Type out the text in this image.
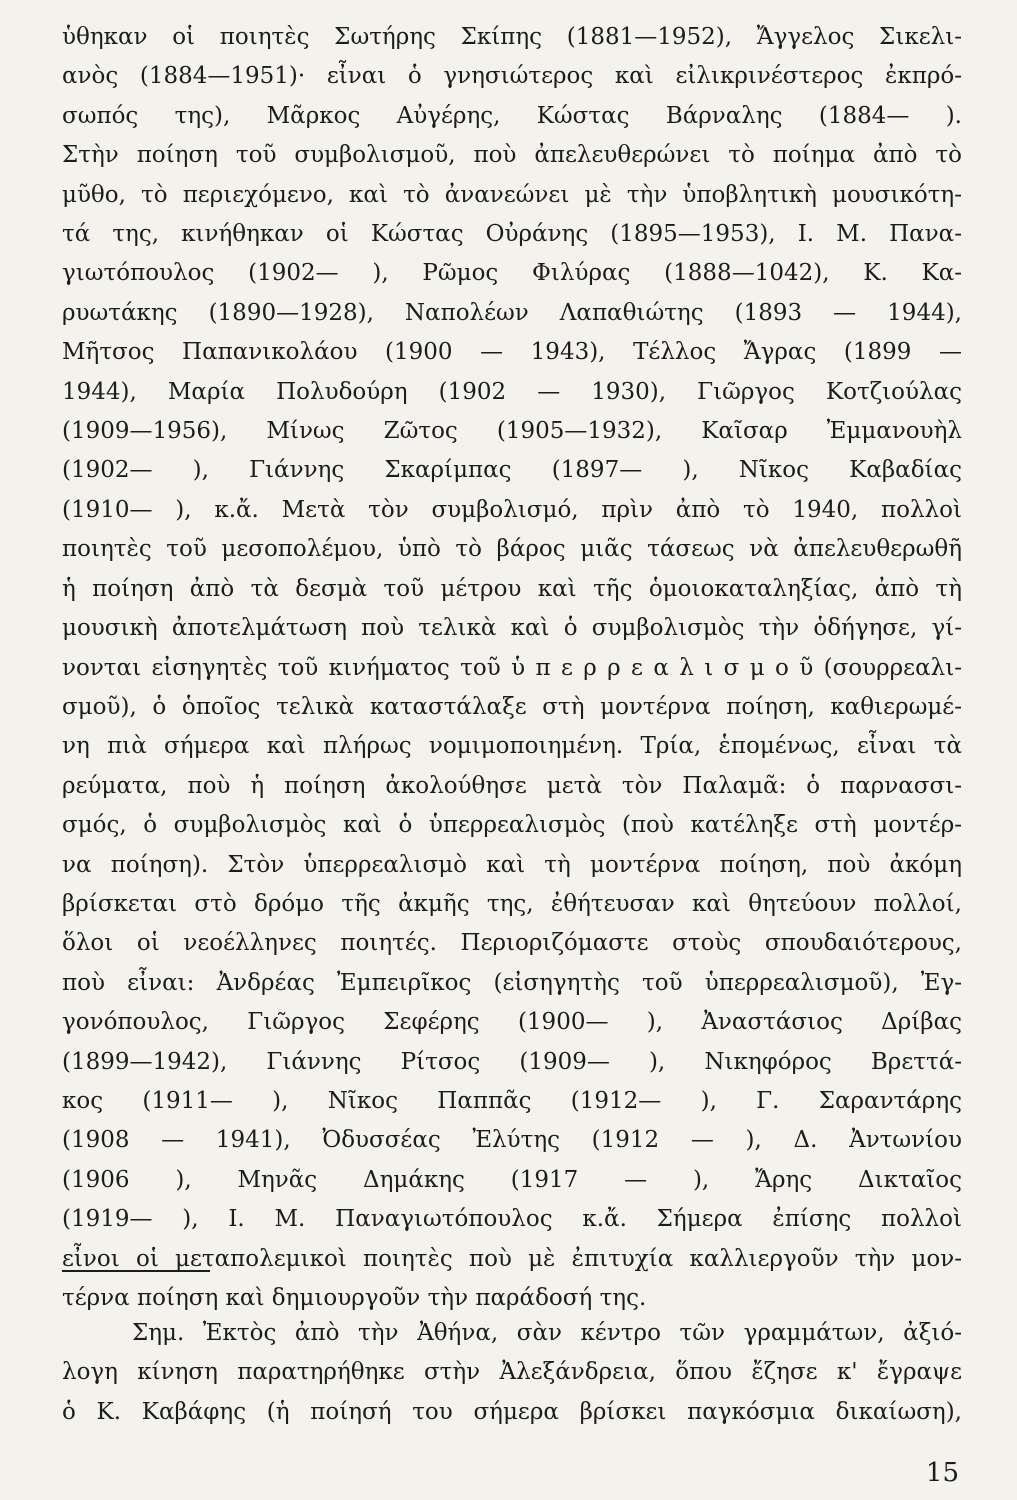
ὑθηκαν οἱ ποιητὲς Σωτήρης Σκίπης (1881—1952), Ἄγγελος Σικελι-
ανὸς (1884—1951)· εἶναι ὁ γνησιώτερος καὶ εἰλικρινέστερος ἐκπρό-
σωπός της), Μᾶρκος Αὐγέρης, Κώστας Βάρναλης (1884— ).
Στὴν ποίηση τοῦ συμβολισμοῦ, ποὺ ἀπελευθερώνει τὸ ποίημα ἀπὸ τὸ
μῦθο, τὸ περιεχόμενο, καὶ τὸ ἀνανεώνει μὲ τὴν ὑποβλητικὴ μουσικότη-
τά της, κινήθηκαν οἱ Κώστας Οὐράνης (1895—1953), Ι. Μ. Πανα-
γιωτόπουλος (1902— ), Ρῶμος Φιλύρας (1888—1042), Κ. Κα-
ρυωτάκης (1890—1928), Ναπολέων Λαπαθιώτης (1893 — 1944),
Μῆτσος Παπανικολάου (1900 — 1943), Τέλλος Ἄγρας (1899 —
1944), Μαρία Πολυδούρη (1902 — 1930), Γιῶργος Κοτζιούλας
(1909—1956), Μίνως Ζῶτος (1905—1932), Καῖσαρ Ἐμμανουὴλ
(1902— ), Γιάννης Σκαρίμπας (1897— ), Νῖκος Καβαδίας
(1910— ), κ.ἄ. Μετὰ τὸν συμβολισμό, πρὶν ἀπὸ τὸ 1940, πολλοὶ
ποιητὲς τοῦ μεσοπολέμου, ὑπὸ τὸ βάρος μιᾶς τάσεως νὰ ἀπελευθερωθῆ
ἡ ποίηση ἀπὸ τὰ δεσμὰ τοῦ μέτρου καὶ τῆς ὁμοιοκαταληξίας, ἀπὸ τὴ
μουσικὴ ἀποτελμάτωση ποὺ τελικὰ καὶ ὁ συμβολισμὸς τὴν ὁδήγησε, γί-
νονται εἰσηγητὲς τοῦ κινήματος τοῦ ὑ π ε ρ ρ ε α λ ι σ μ ο ῦ (σουρρεαλι-
σμοῦ), ὁ ὁποῖος τελικὰ καταστάλαξε στὴ μοντέρνα ποίηση, καθιερωμέ-
νη πιὰ σήμερα καὶ πλήρως νομιμοποιημένη. Τρία, ἑπομένως, εἶναι τὰ
ρεύματα, ποὺ ἡ ποίηση ἀκολούθησε μετὰ τὸν Παλαμᾶ: ὁ παρνασσι-
σμός, ὁ συμβολισμὸς καὶ ὁ ὑπερρεαλισμὸς (ποὺ κατέληξε στὴ μοντέρ-
να ποίηση). Στὸν ὑπερρεαλισμὸ καὶ τὴ μοντέρνα ποίηση, ποὺ ἀκόμη
βρίσκεται στὸ δρόμο τῆς ἀκμῆς της, ἐθήτευσαν καὶ θητεύουν πολλοί,
ὅλοι οἱ νεοέλληνες ποιητές. Περιοριζόμαστε στοὺς σπουδαιότερους,
ποὺ εἶναι: Ἀνδρέας Ἐμπειρῖκος (εἰσηγητὴς τοῦ ὑπερρεαλισμοῦ), Ἐγ-
γονόπουλος, Γιῶργος Σεφέρης (1900— ), Ἀναστάσιος Δρίβας
(1899—1942), Γιάννης Ρίτσος (1909— ), Νικηφόρος Βρεττά-
κος (1911— ), Νῖκος Παππᾶς (1912— ), Γ. Σαραντάρης
(1908 — 1941), Ὀδυσσέας Ἐλύτης (1912 — ), Δ. Ἀντωνίου
(1906 ), Μηνᾶς Δημάκης (1917 — ), Ἄρης Δικταῖος
(1919— ), Ι. Μ. Παναγιωτόπουλος κ.ἄ. Σήμερα ἐπίσης πολλοὶ
εἶνοι οἱ μεταπολεμικοὶ ποιητὲς ποὺ μὲ ἐπιτυχία καλλιεργοῦν τὴν μον-
τέρνα ποίηση καὶ δημιουργοῦν τὴν παράδοσή της.

Σημ. Ἐκτὸς ἀπὸ τὴν Ἀθήνα, σὰν κέντρο τῶν γραμμάτων, ἀξιό-
λογη κίνηση παρατηρήθηκε στὴν Ἀλεξάνδρεια, ὅπου ἔζησε κ' ἔγραψε
ὁ Κ. Καβάφης (ἡ ποίησή του σήμερα βρίσκει παγκόσμια δικαίωση),

15
